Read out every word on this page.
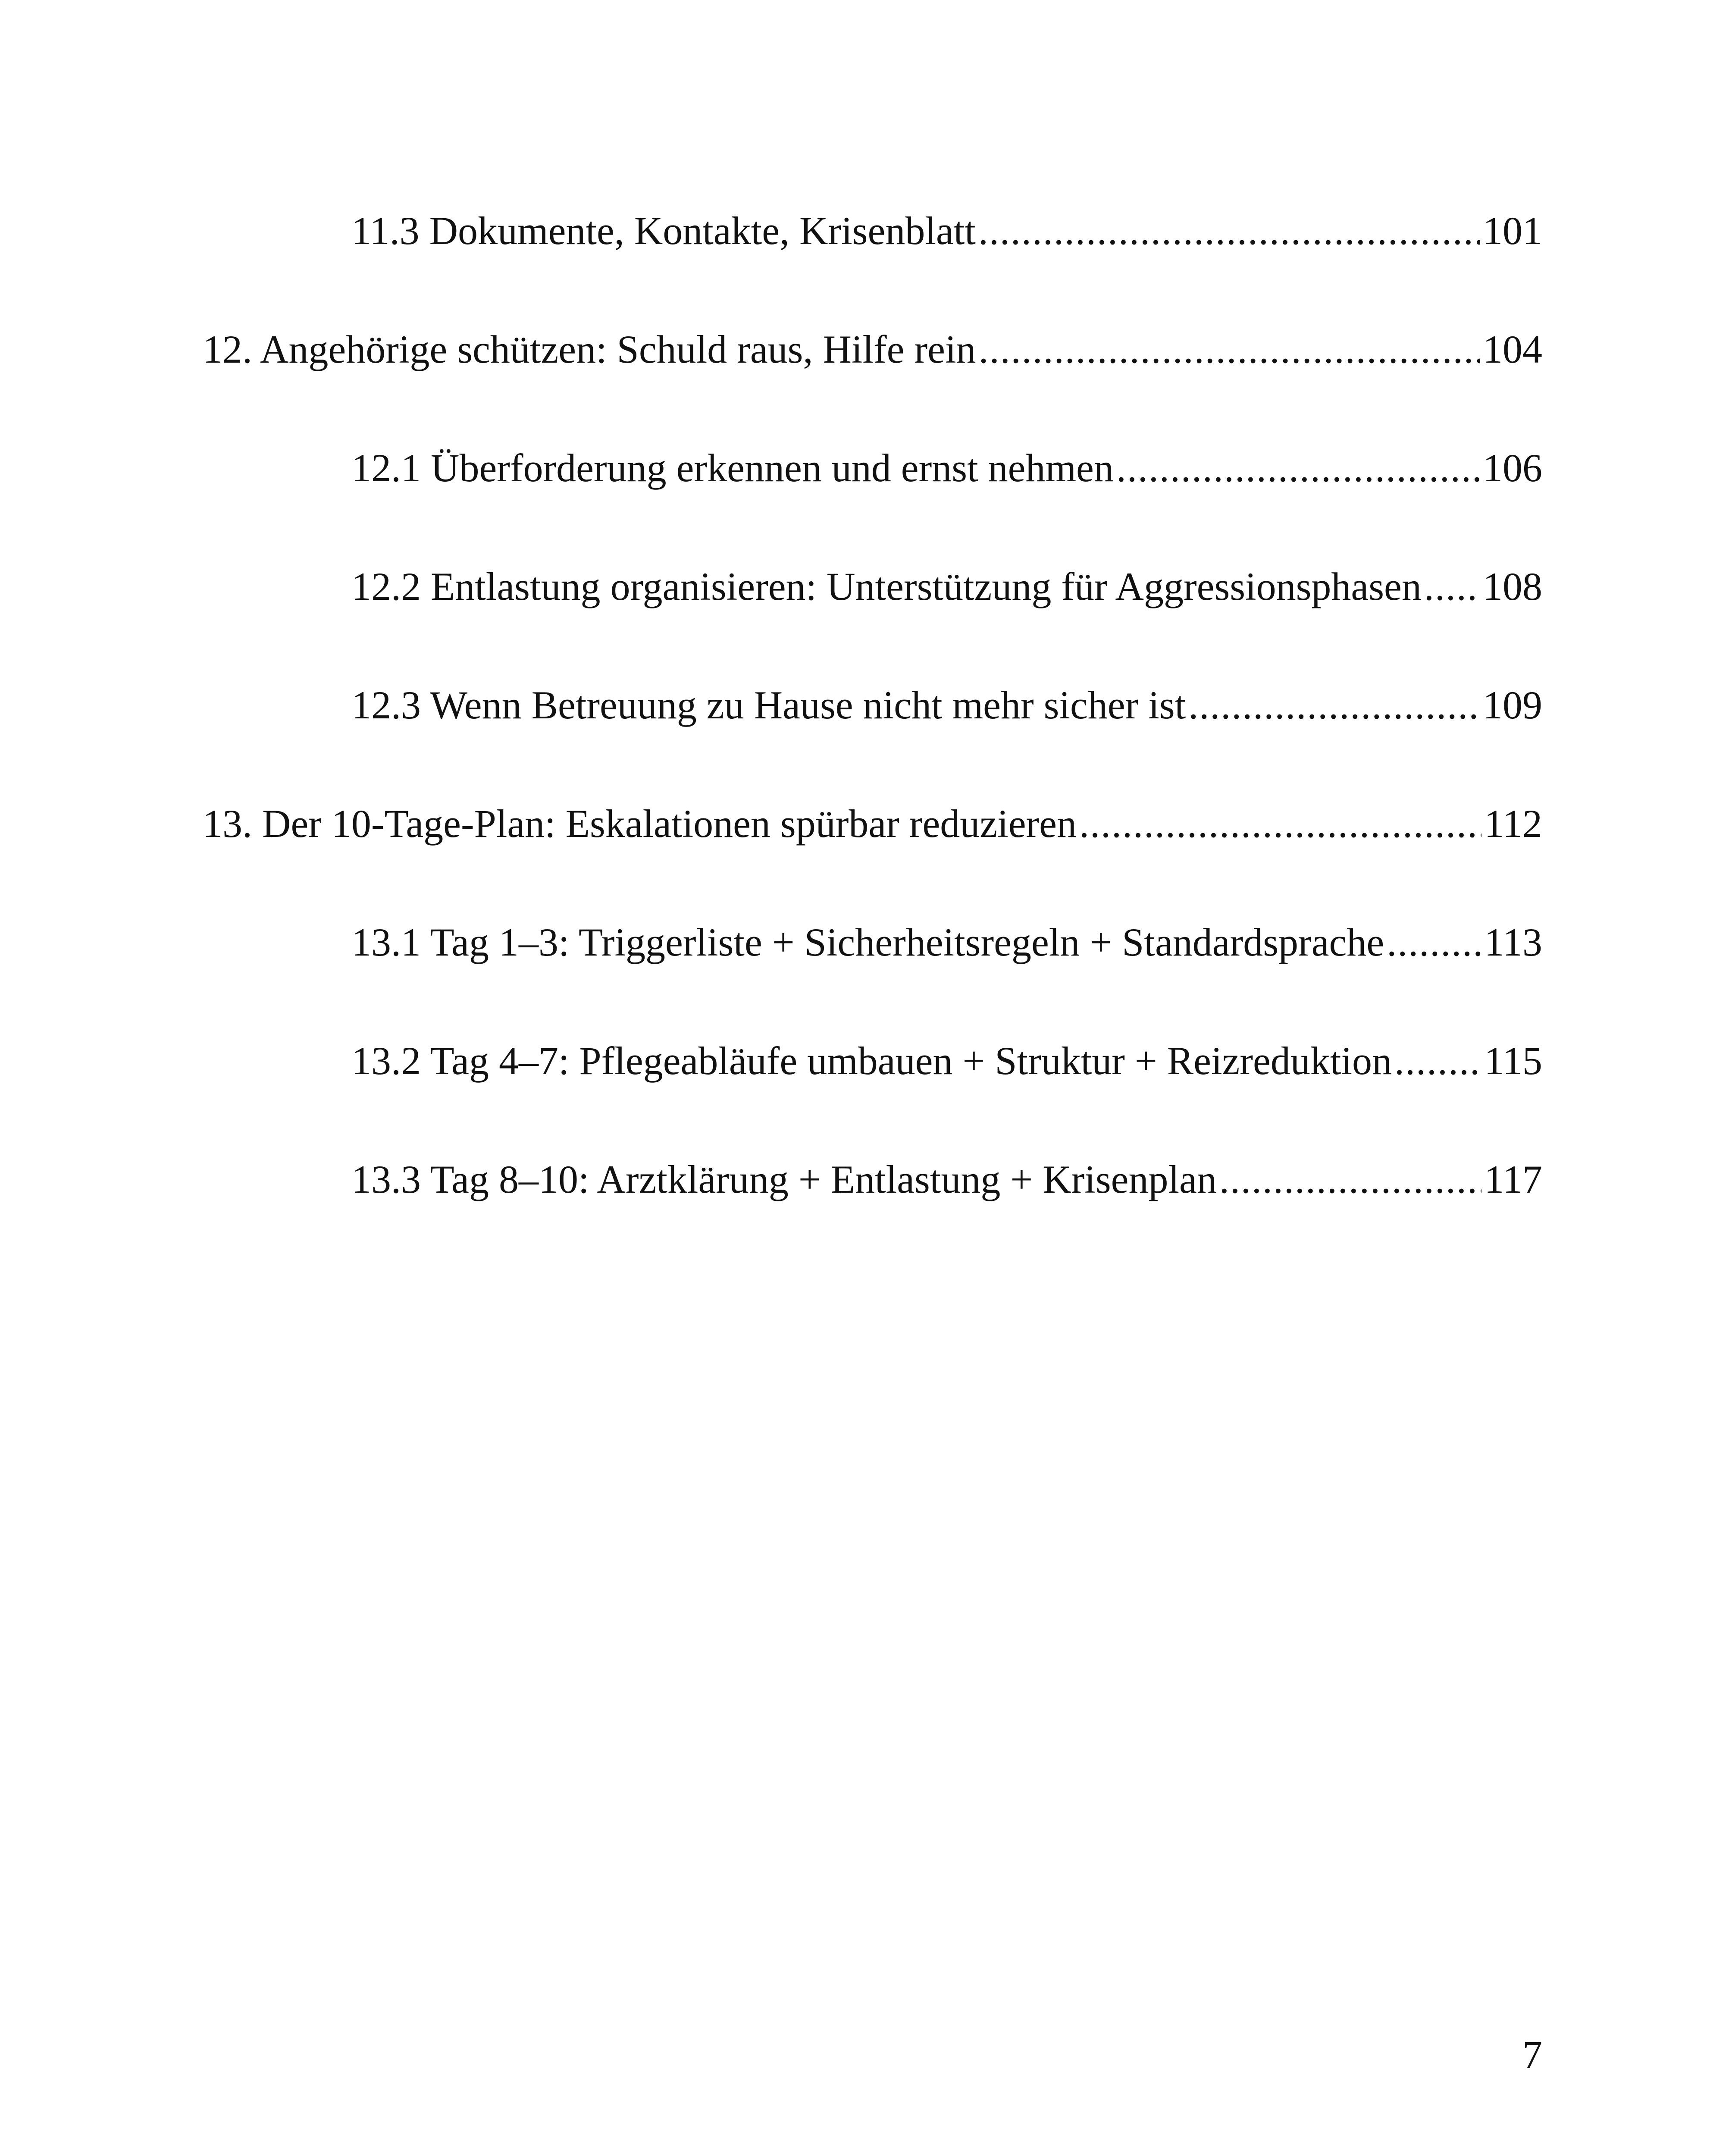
11.3 Dokumente, Kontakte, Krisenblatt .....	101
12. Angehörige schützen: Schuld raus, Hilfe rein .....	104
12.1 Überforderung erkennen und ernst nehmen .....	106
12.2 Entlastung organisieren: Unterstützung für Aggressionsphasen ..... 108
12.3 Wenn Betreuung zu Hause nicht mehr sicher ist .....	109
13. Der 10-Tage-Plan: Eskalationen spürbar reduzieren .....	112
13.1 Tag 1–3: Triggerliste + Sicherheitsregeln + Standardsprache .....	113
13.2 Tag 4–7: Pflegeabläufe umbauen + Struktur + Reizreduktion ..... 115
13.3 Tag 8–10: Arztklärung + Entlastung + Krisenplan .....	117
7
